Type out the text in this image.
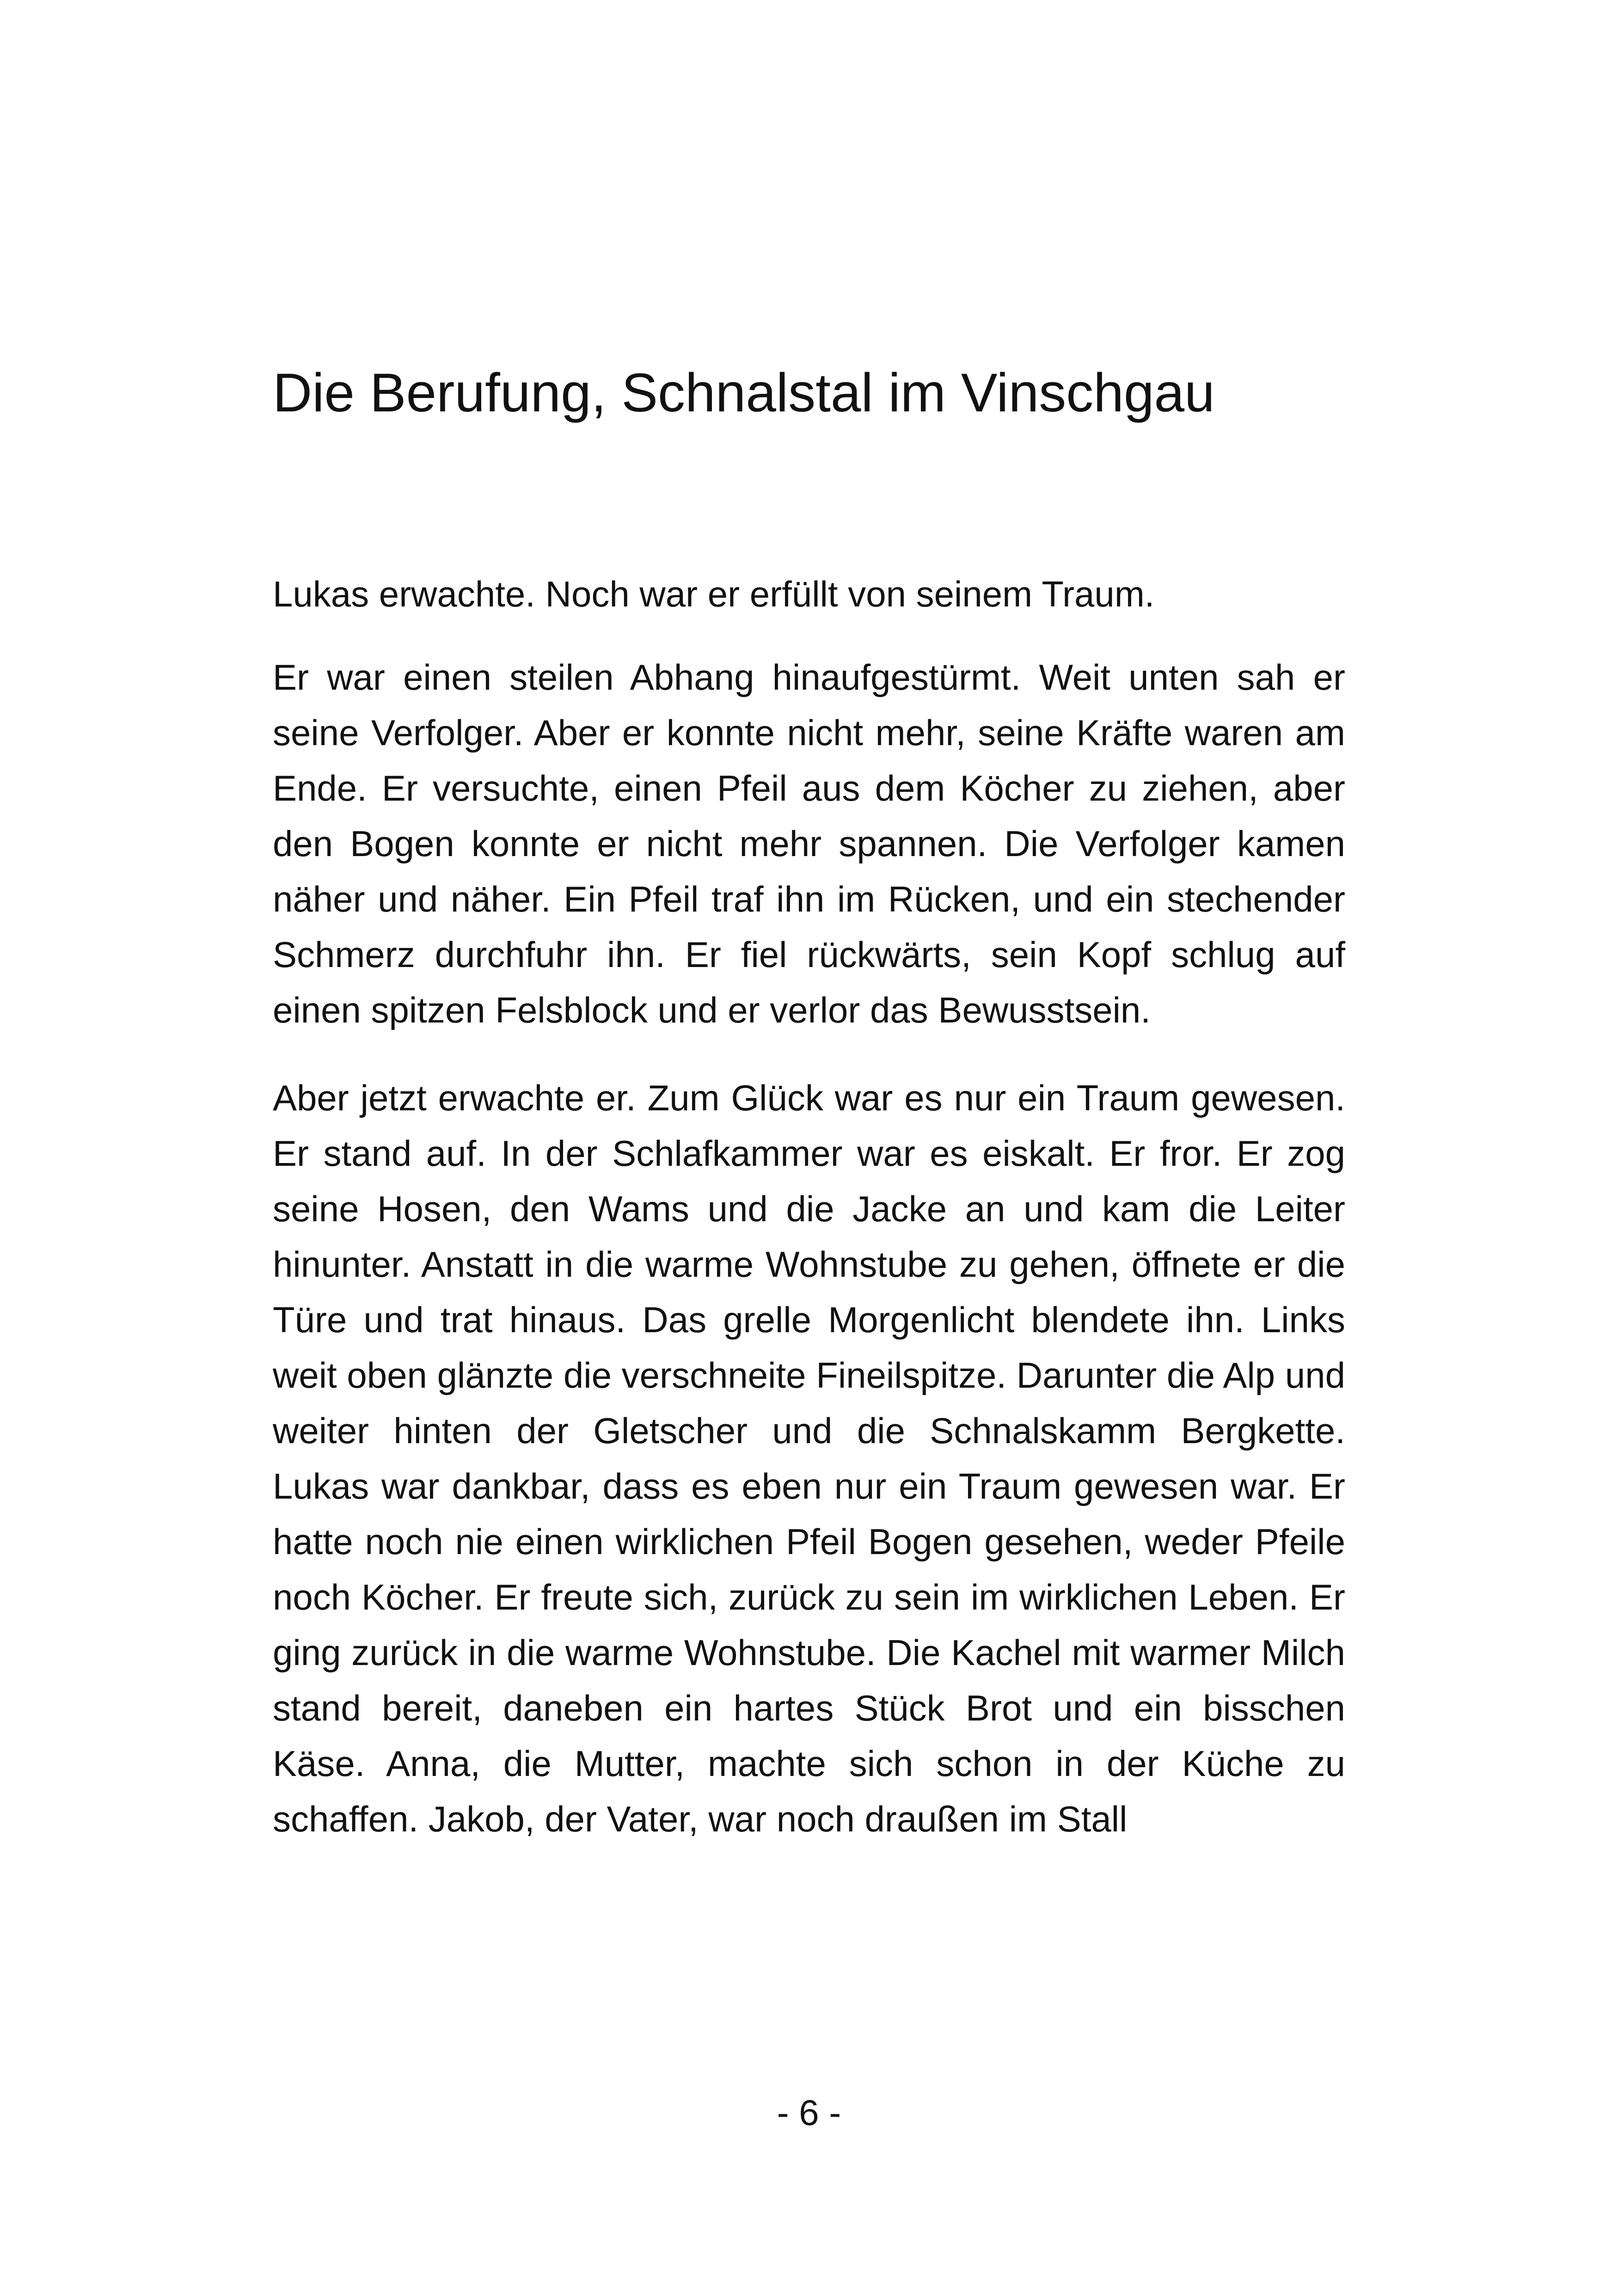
Die Berufung, Schnalstal im Vinschgau

Lukas erwachte. Noch war er erfüllt von seinem Traum.

Er war einen steilen Abhang hinaufgestürmt. Weit unten sah er seine Verfolger. Aber er konnte nicht mehr, seine Kräfte waren am Ende. Er versuchte, einen Pfeil aus dem Köcher zu ziehen, aber den Bogen konnte er nicht mehr spannen. Die Verfolger kamen näher und näher. Ein Pfeil traf ihn im Rücken, und ein stechender Schmerz durchfuhr ihn. Er fiel rückwärts, sein Kopf schlug auf einen spitzen Felsblock und er verlor das Bewusstsein.

Aber jetzt erwachte er. Zum Glück war es nur ein Traum gewesen. Er stand auf. In der Schlafkammer war es eiskalt. Er fror. Er zog seine Hosen, den Wams und die Jacke an und kam die Leiter hinunter. Anstatt in die warme Wohnstube zu gehen, öffnete er die Türe und trat hinaus. Das grelle Morgenlicht blendete ihn. Links weit oben glänzte die verschneite Fineilspitze. Darunter die Alp und weiter hinten der Gletscher und die Schnalskamm Bergkette. Lukas war dankbar, dass es eben nur ein Traum gewesen war. Er hatte noch nie einen wirklichen Pfeil Bogen gesehen, weder Pfeile noch Köcher. Er freute sich, zurück zu sein im wirklichen Leben. Er ging zurück in die warme Wohnstube. Die Kachel mit warmer Milch stand bereit, daneben ein hartes Stück Brot und ein bisschen Käse. Anna, die Mutter, machte sich schon in der Küche zu schaffen. Jakob, der Vater, war noch draußen im Stall

- 6 -
